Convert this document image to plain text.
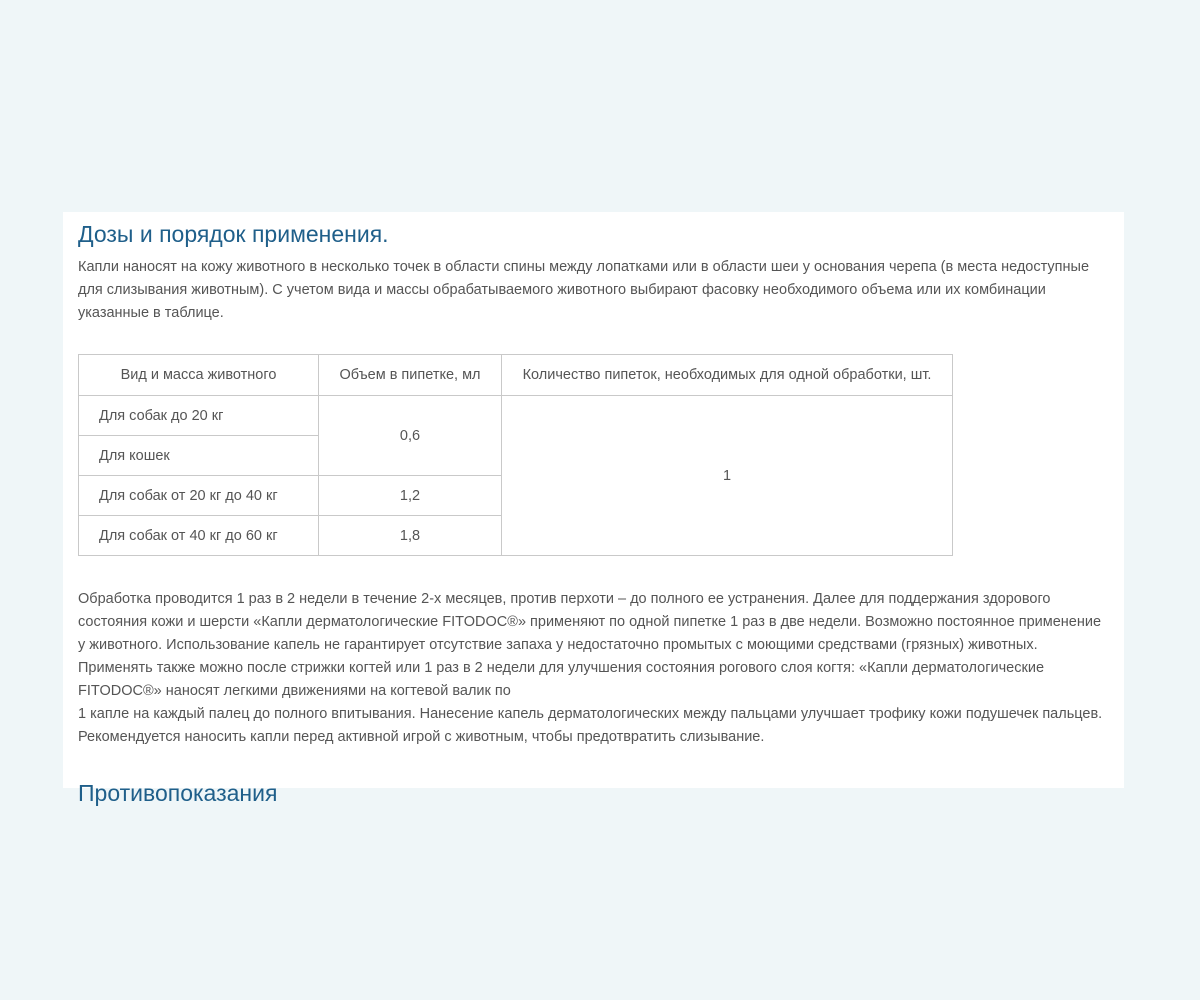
Дозы и порядок применения.
Капли наносят на кожу животного в несколько точек в области спины между лопатками или в области шеи у основания черепа (в места недоступные
для слизывания животным). С учетом вида и массы обрабатываемого животного выбирают фасовку необходимого объема или их комбинации
указанные в таблице.
Вид и масса животного	Объем в пипетке, мл	Количество пипеток, необходимых для одной обработки, шт.
Для собак до 20 кг	0,6	1
Для кошек		
Для собак от 20 кг до 40 кг	1,2	
Для собак от 40 кг до 60 кг	1,8	
Обработка проводится 1 раз в 2 недели в течение 2-х месяцев, против перхоти – до полного ее устранения. Далее для поддержания здорового
состояния кожи и шерсти «Капли дерматологические FITODOC®» применяют по одной пипетке 1 раз в две недели. Возможно постоянное применение
у животного. Использование капель не гарантирует отсутствие запаха у недостаточно промытых с моющими средствами (грязных) животных.
Применять также можно после стрижки когтей или 1 раз в 2 недели для улучшения состояния рогового слоя когтя: «Капли дерматологические
FITODOC®» наносят легкими движениями на когтевой валик по
1 капле на каждый палец до полного впитывания. Нанесение капель дерматологических между пальцами улучшает трофику кожи подушечек пальцев.
Рекомендуется наносить капли перед активной игрой с животным, чтобы предотвратить слизывание.
Противопоказания
